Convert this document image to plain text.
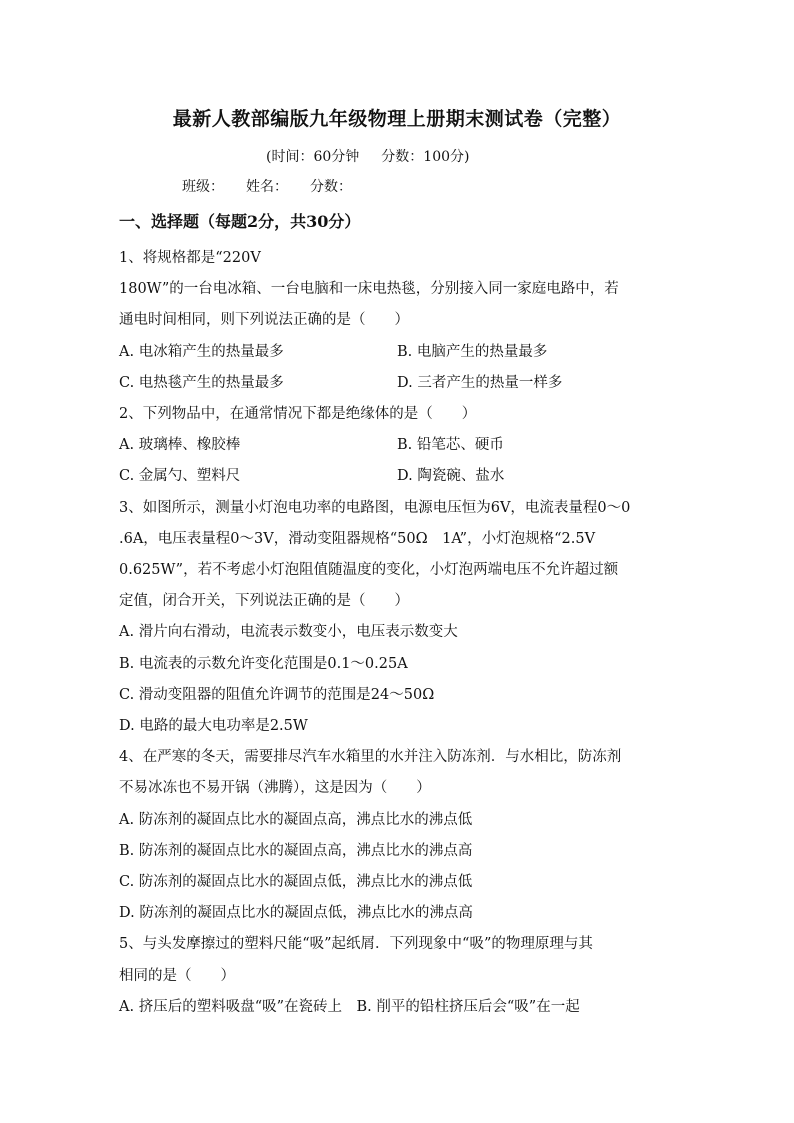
最新人教部编版九年级物理上册期末测试卷（完整）
(时间：60分钟 分数：100分)
班级： 姓名： 分数：
一、选择题（每题2分，共30分）
1、将规格都是“220V
180W”的一台电冰箱、一台电脑和一床电热毯，分别接入同一家庭电路中，若
通电时间相同，则下列说法正确的是（　　）
A. 电冰箱产生的热量最多	B. 电脑产生的热量最多
C. 电热毯产生的热量最多	D. 三者产生的热量一样多
2、下列物品中，在通常情况下都是绝缘体的是（　　）
A. 玻璃棒、橡胶棒	B. 铅笔芯、硬币
C. 金属勺、塑料尺	D. 陶瓷碗、盐水
3、如图所示，测量小灯泡电功率的电路图，电源电压恒为6V，电流表量程0～0
.6A，电压表量程0～3V，滑动变阻器规格“50Ω　1A”，小灯泡规格“2.5V
0.625W”，若不考虑小灯泡阻值随温度的变化，小灯泡两端电压不允许超过额
定值，闭合开关，下列说法正确的是（　　）
A. 滑片向右滑动，电流表示数变小，电压表示数变大
B. 电流表的示数允许变化范围是0.1～0.25A
C. 滑动变阻器的阻值允许调节的范围是24～50Ω
D. 电路的最大电功率是2.5W
4、在严寒的冬天，需要排尽汽车水箱里的水并注入防冻剂．与水相比，防冻剂
不易冰冻也不易开锅（沸腾），这是因为（　　）
A. 防冻剂的凝固点比水的凝固点高，沸点比水的沸点低
B. 防冻剂的凝固点比水的凝固点高，沸点比水的沸点高
C. 防冻剂的凝固点比水的凝固点低，沸点比水的沸点低
D. 防冻剂的凝固点比水的凝固点低，沸点比水的沸点高
5、与头发摩擦过的塑料尺能“吸”起纸屑．下列现象中“吸”的物理原理与其
相同的是（　　）
A. 挤压后的塑料吸盘“吸”在瓷砖上　B. 削平的铅柱挤压后会“吸”在一起
